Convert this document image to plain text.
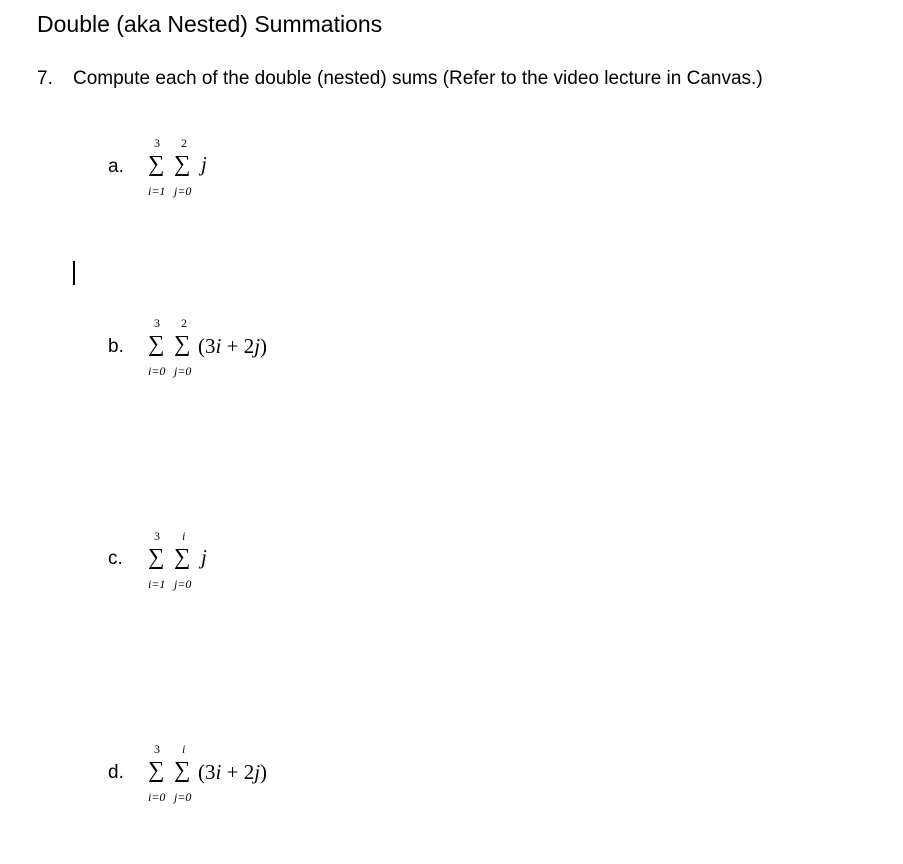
Double (aka Nested) Summations
7. Compute each of the double (nested) sums (Refer to the video lecture in Canvas.)
a.
3 2
∑ ∑ j
i=1 j=0
b.
3 2
∑ ∑ (3i + 2j)
i=0 j=0
c.
3 i
∑ ∑ j
i=1 j=0
d.
3 i
∑ ∑ (3i + 2j)
i=0 j=0
